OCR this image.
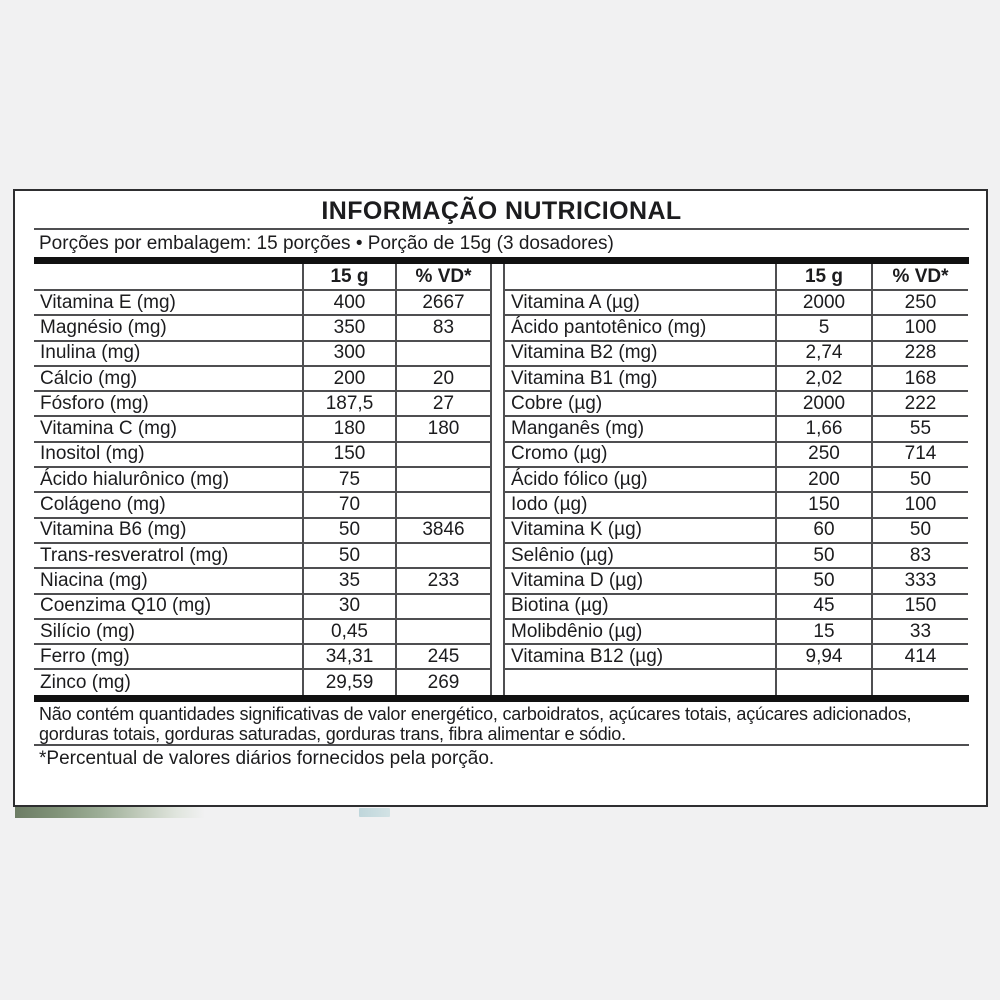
INFORMAÇÃO NUTRICIONAL
Porções por embalagem: 15 porções • Porção de 15g (3 dosadores)
	15 g	% VD*
Vitamina E (mg)	400	2667
Magnésio (mg)	350	83
Inulina (mg)	300	
Cálcio (mg)	200	20
Fósforo (mg)	187,5	27
Vitamina C (mg)	180	180
Inositol (mg)	150	
Ácido hialurônico (mg)	75	
Colágeno (mg)	70	
Vitamina B6 (mg)	50	3846
Trans-resveratrol (mg)	50	
Niacina (mg)	35	233
Coenzima Q10 (mg)	30	
Silício (mg)	0,45	
Ferro (mg)	34,31	245
Zinco (mg)	29,59	269
	15 g	% VD*
Vitamina A (µg)	2000	250
Ácido pantotênico (mg)	5	100
Vitamina B2 (mg)	2,74	228
Vitamina B1 (mg)	2,02	168
Cobre (µg)	2000	222
Manganês (mg)	1,66	55
Cromo (µg)	250	714
Ácido fólico (µg)	200	50
Iodo (µg)	150	100
Vitamina K (µg)	60	50
Selênio (µg)	50	83
Vitamina D (µg)	50	333
Biotina (µg)	45	150
Molibdênio (µg)	15	33
Vitamina B12 (µg)	9,94	414

Não contém quantidades significativas de valor energético, carboidratos, açúcares totais, açúcares adicionados, gorduras totais, gorduras saturadas, gorduras trans, fibra alimentar e sódio.
*Percentual de valores diários fornecidos pela porção.
